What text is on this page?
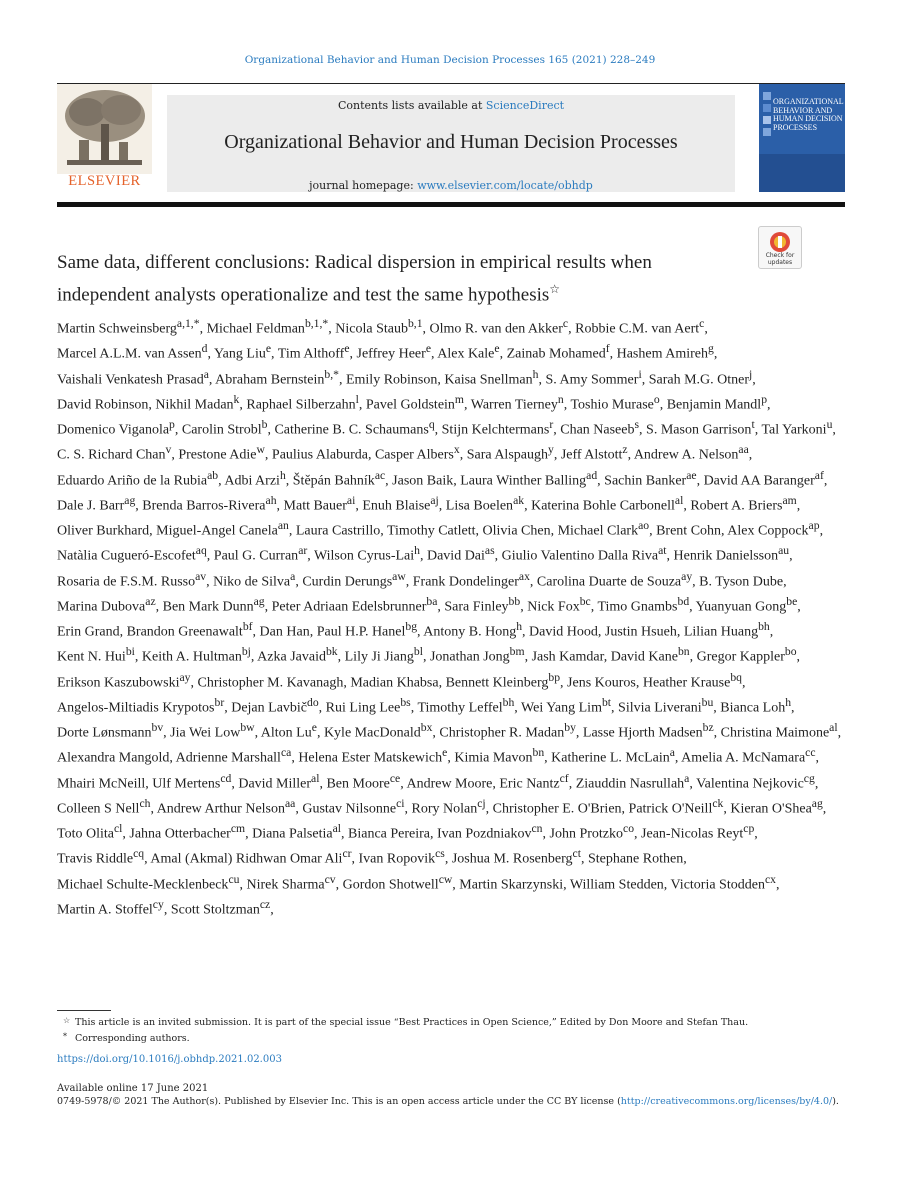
Organizational Behavior and Human Decision Processes 165 (2021) 228–249
ELSEVIER
Contents lists available at ScienceDirect
Organizational Behavior and Human Decision Processes
journal homepage: www.elsevier.com/locate/obhdp
ORGANIZATIONAL BEHAVIOR AND HUMAN DECISION PROCESSES
Check for updates
Same data, different conclusions: Radical dispersion in empirical results when independent analysts operationalize and test the same hypothesis☆
Martin Schweinsberg$^{a,1,*}$, Michael Feldman$^{b,1,*}$, Nicola Staub$^{b,1}$, Olmo R. van den Akker$^c$, Robbie C.M. van Aert$^c$, Marcel A.L.M. van Assen$^d$, Yang Liu$^e$, Tim Althoff$^e$, Jeffrey Heer$^e$, Alex Kale$^e$, Zainab Mohamed$^f$, Hashem Amireh$^g$, Vaishali Venkatesh Prasad$^a$, Abraham Bernstein$^{b,*}$, Emily Robinson, Kaisa Snellman$^h$, S. Amy Sommer$^i$, Sarah M.G. Otner$^j$, David Robinson, Nikhil Madan$^k$, Raphael Silberzahn$^l$, Pavel Goldstein$^m$, Warren Tierney$^n$, Toshio Murase$^o$, Benjamin Mandl$^p$, Domenico Viganola$^p$, Carolin Strobl$^b$, Catherine B. C. Schaumans$^q$, Stijn Kelchtermans$^r$, Chan Naseeb$^s$, S. Mason Garrison$^t$, Tal Yarkoni$^u$, C. S. Richard Chan$^v$, Prestone Adie$^w$, Paulius Alaburda, Casper Albers$^x$, Sara Alspaugh$^y$, Jeff Alstott$^z$, Andrew A. Nelson$^{aa}$, Eduardo Ariño de la Rubia$^{ab}$, Adbi Arzi$^h$, Štěpán Bahník$^{ac}$, Jason Baik, Laura Winther Balling$^{ad}$, Sachin Banker$^{ae}$, David AA Baranger$^{af}$, Dale J. Barr$^{ag}$, Brenda Barros-Rivera$^{ah}$, Matt Bauer$^{ai}$, Enuh Blaise$^{aj}$, Lisa Boelen$^{ak}$, Katerina Bohle Carbonell$^{al}$, Robert A. Briers$^{am}$, Oliver Burkhard, Miguel-Angel Canela$^{an}$, Laura Castrillo, Timothy Catlett, Olivia Chen, Michael Clark$^{ao}$, Brent Cohn, Alex Coppock$^{ap}$, Natàlia Cugueró-Escofet$^{aq}$, Paul G. Curran$^{ar}$, Wilson Cyrus-Lai$^h$, David Dai$^{as}$, Giulio Valentino Dalla Riva$^{at}$, Henrik Danielsson$^{au}$, Rosaria de F.S.M. Russo$^{av}$, Niko de Silva$^a$, Curdin Derungs$^{aw}$, Frank Dondelinger$^{ax}$, Carolina Duarte de Souza$^{ay}$, B. Tyson Dube, Marina Dubova$^{az}$, Ben Mark Dunn$^{ag}$, Peter Adriaan Edelsbrunner$^{ba}$, Sara Finley$^{bb}$, Nick Fox$^{bc}$, Timo Gnambs$^{bd}$, Yuanyuan Gong$^{be}$, Erin Grand, Brandon Greenawalt$^{bf}$, Dan Han, Paul H.P. Hanel$^{bg}$, Antony B. Hong$^h$, David Hood, Justin Hsueh, Lilian Huang$^{bh}$, Kent N. Hui$^{bi}$, Keith A. Hultman$^{bj}$, Azka Javaid$^{bk}$, Lily Ji Jiang$^{bl}$, Jonathan Jong$^{bm}$, Jash Kamdar, David Kane$^{bn}$, Gregor Kappler$^{bo}$, Erikson Kaszubowski$^{ay}$, Christopher M. Kavanagh, Madian Khabsa, Bennett Kleinberg$^{bp}$, Jens Kouros, Heather Krause$^{bq}$, Angelos-Miltiadis Krypotos$^{br}$, Dejan Lavbič$^{do}$, Rui Ling Lee$^{bs}$, Timothy Leffel$^{bh}$, Wei Yang Lim$^{bt}$, Silvia Liverani$^{bu}$, Bianca Loh$^h$, Dorte Lønsmann$^{bv}$, Jia Wei Low$^{bw}$, Alton Lu$^e$, Kyle MacDonald$^{bx}$, Christopher R. Madan$^{by}$, Lasse Hjorth Madsen$^{bz}$, Christina Maimone$^{al}$, Alexandra Mangold, Adrienne Marshall$^{ca}$, Helena Ester Matskewich$^e$, Kimia Mavon$^{bn}$, Katherine L. McLain$^a$, Amelia A. McNamara$^{cc}$, Mhairi McNeill, Ulf Mertens$^{cd}$, David Miller$^{al}$, Ben Moore$^{ce}$, Andrew Moore, Eric Nantz$^{cf}$, Ziauddin Nasrullah$^a$, Valentina Nejkovic$^{cg}$, Colleen S Nell$^{ch}$, Andrew Arthur Nelson$^{aa}$, Gustav Nilsonne$^{ci}$, Rory Nolan$^{cj}$, Christopher E. O'Brien, Patrick O'Neill$^{ck}$, Kieran O'Shea$^{ag}$, Toto Olita$^{cl}$, Jahna Otterbacher$^{cm}$, Diana Palsetia$^{al}$, Bianca Pereira, Ivan Pozdniakov$^{cn}$, John Protzko$^{co}$, Jean-Nicolas Reyt$^{cp}$, Travis Riddle$^{cq}$, Amal (Akmal) Ridhwan Omar Ali$^{cr}$, Ivan Ropovik$^{cs}$, Joshua M. Rosenberg$^{ct}$, Stephane Rothen, Michael Schulte-Mecklenbeck$^{cu}$, Nirek Sharma$^{cv}$, Gordon Shotwell$^{cw}$, Martin Skarzynski, William Stedden, Victoria Stodden$^{cx}$, Martin A. Stoffel$^{cy}$, Scott Stoltzman$^{cz}$,
☆ This article is an invited submission. It is part of the special issue “Best Practices in Open Science,” Edited by Don Moore and Stefan Thau.
* Corresponding authors.
https://doi.org/10.1016/j.obhdp.2021.02.003
Available online 17 June 2021
0749-5978/© 2021 The Author(s). Published by Elsevier Inc. This is an open access article under the CC BY license (http://creativecommons.org/licenses/by/4.0/).
